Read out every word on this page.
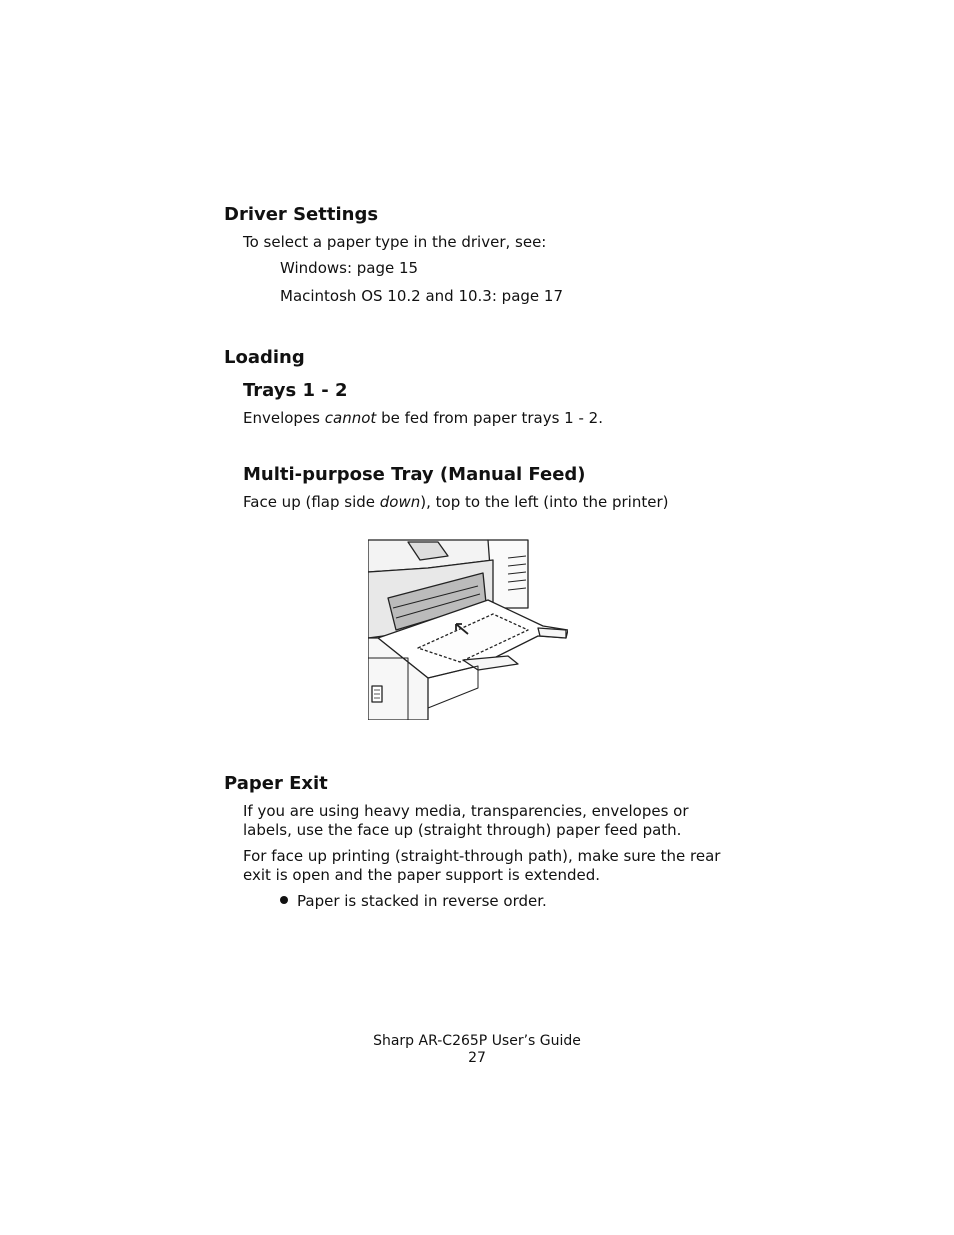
Driver Settings

To select a paper type in the driver, see:

Windows: page 15

Macintosh OS 10.2 and 10.3: page 17

Loading
Trays 1 - 2

Envelopes cannot be fed from paper trays 1 - 2.

Multi-purpose Tray (Manual Feed)

Face up (flap side down), top to the left (into the printer)

Paper Exit

If you are using heavy media, transparencies, envelopes or labels, use the face up (straight through) paper feed path.

For face up printing (straight-through path), make sure the rear exit is open and the paper support is extended.

Paper is stacked in reverse order.

Sharp AR-C265P User’s Guide
27
